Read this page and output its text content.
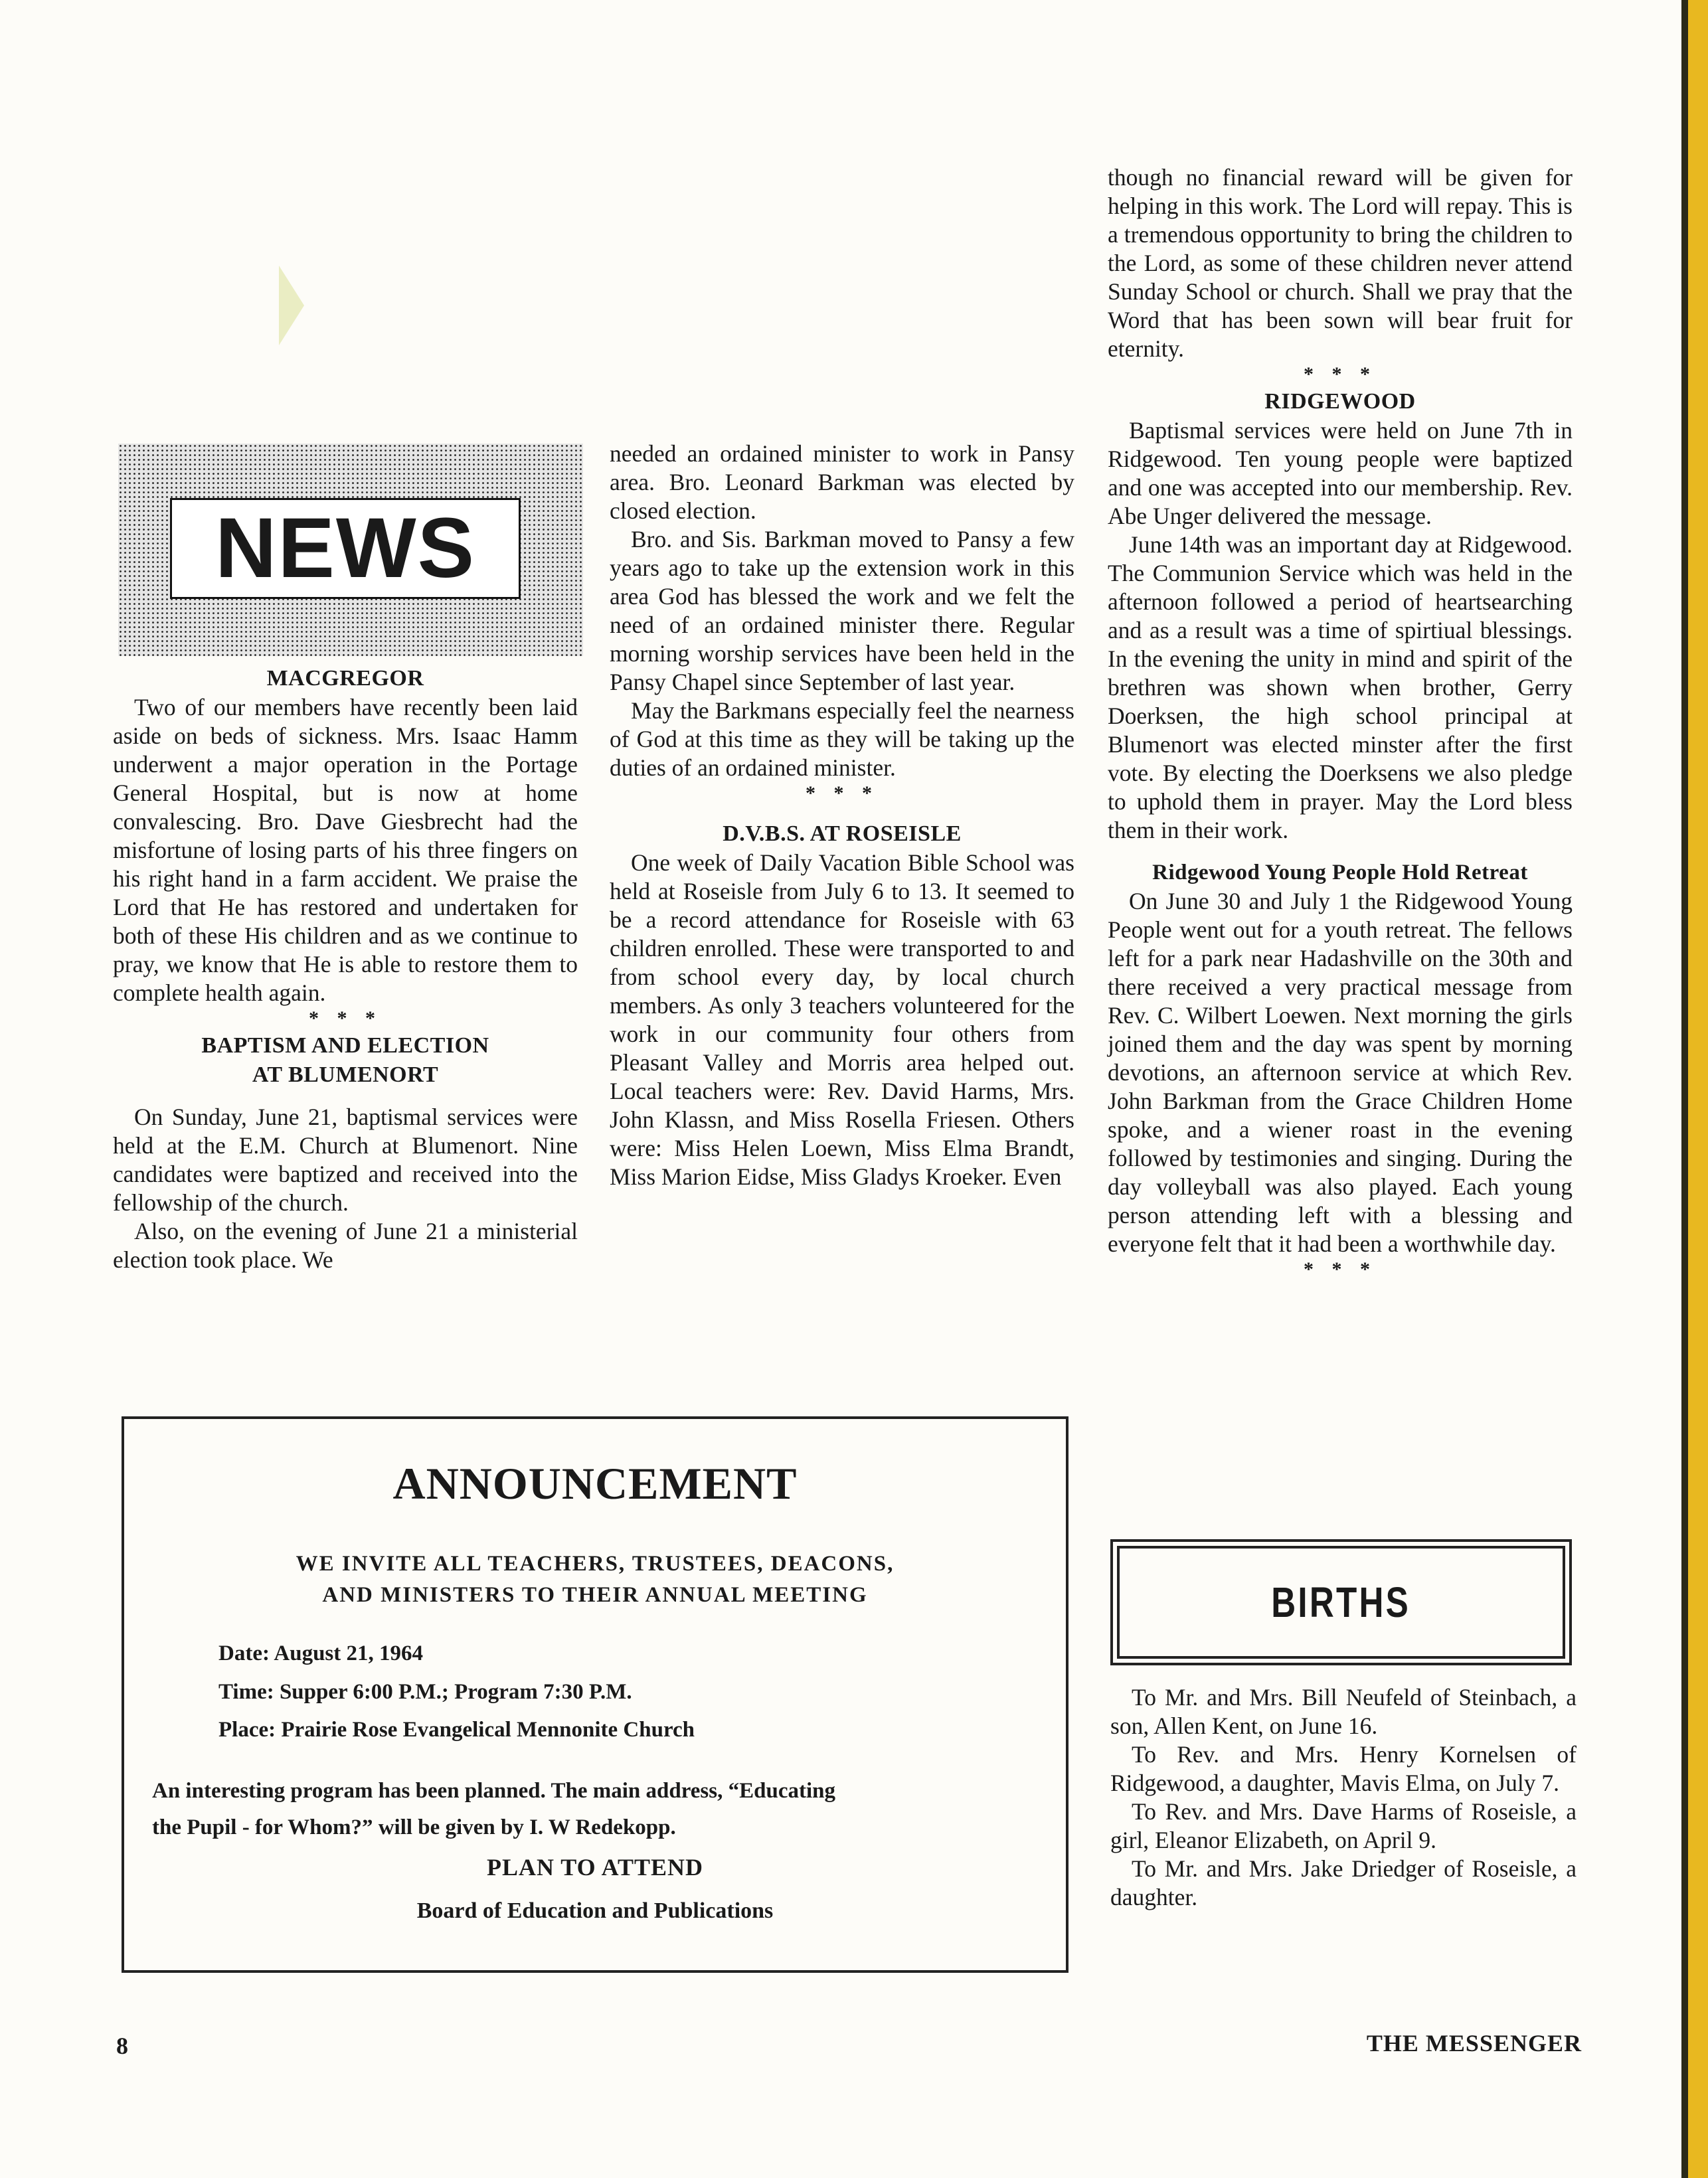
NEWS
MACGREGOR

Two of our members have recently been laid aside on beds of sickness. Mrs. Isaac Hamm underwent a major operation in the Portage General Hospital, but is now at home convalescing. Bro. Dave Giesbrecht had the misfortune of losing parts of his three fingers on his right hand in a farm accident. We praise the Lord that He has restored and undertaken for both of these His children and as we continue to pray, we know that He is able to restore them to complete health again.

* * *
BAPTISM AND ELECTION
AT BLUMENORT

On Sunday, June 21, baptismal services were held at the E.M. Church at Blumenort. Nine candidates were baptized and received into the fellowship of the church.

Also, on the evening of June 21 a ministerial election took place. We

needed an ordained minister to work in Pansy area. Bro. Leonard Barkman was elected by closed election.

Bro. and Sis. Barkman moved to Pansy a few years ago to take up the extension work in this area God has blessed the work and we felt the need of an ordained minister there. Regular morning worship services have been held in the Pansy Chapel since September of last year.

May the Barkmans especially feel the nearness of God at this time as they will be taking up the duties of an ordained minister.

* * *
D.V.B.S. AT ROSEISLE

One week of Daily Vacation Bible School was held at Roseisle from July 6 to 13. It seemed to be a record attendance for Roseisle with 63 children enrolled. These were transported to and from school every day, by local church members. As only 3 teachers volunteered for the work in our community four others from Pleasant Valley and Morris area helped out. Local teachers were: Rev. David Harms, Mrs. John Klassn, and Miss Rosella Friesen. Others were: Miss Helen Loewn, Miss Elma Brandt, Miss Marion Eidse, Miss Gladys Kroeker. Even

though no financial reward will be given for helping in this work. The Lord will repay. This is a tremendous opportunity to bring the children to the Lord, as some of these children never attend Sunday School or church. Shall we pray that the Word that has been sown will bear fruit for eternity.

* * *
RIDGEWOOD

Baptismal services were held on June 7th in Ridgewood. Ten young people were baptized and one was accepted into our membership. Rev. Abe Unger delivered the message.

June 14th was an important day at Ridgewood. The Communion Service which was held in the afternoon followed a period of heartsearching and as a result was a time of spirtiual blessings. In the evening the unity in mind and spirit of the brethren was shown when brother, Gerry Doerksen, the high school principal at Blumenort was elected minster after the first vote. By electing the Doerksens we also pledge to uphold them in prayer. May the Lord bless them in their work.

Ridgewood Young People Hold Retreat

On June 30 and July 1 the Ridgewood Young People went out for a youth retreat. The fellows left for a park near Hadashville on the 30th and there received a very practical message from Rev. C. Wilbert Loewen. Next morning the girls joined them and the day was spent by morning devotions, an afternoon service at which Rev. John Barkman from the Grace Children Home spoke, and a wiener roast in the evening followed by testimonies and singing. During the day volleyball was also played. Each young person attending left with a blessing and everyone felt that it had been a worthwhile day.

* * *
BIRTHS

To Mr. and Mrs. Bill Neufeld of Steinbach, a son, Allen Kent, on June 16.

To Rev. and Mrs. Henry Kornelsen of Ridgewood, a daughter, Mavis Elma, on July 7.

To Rev. and Mrs. Dave Harms of Roseisle, a girl, Eleanor Elizabeth, on April 9.

To Mr. and Mrs. Jake Driedger of Roseisle, a daughter.

ANNOUNCEMENT
WE INVITE ALL TEACHERS, TRUSTEES, DEACONS,
AND MINISTERS TO THEIR ANNUAL MEETING
Date: August 21, 1964
Time: Supper 6:00 P.M.; Program 7:30 P.M.
Place: Prairie Rose Evangelical Mennonite Church
An interesting program has been planned. The main address, “Educating
the Pupil - for Whom?” will be given by I. W Redekopp.
PLAN TO ATTEND
Board of Education and Publications
8	THE MESSENGER
